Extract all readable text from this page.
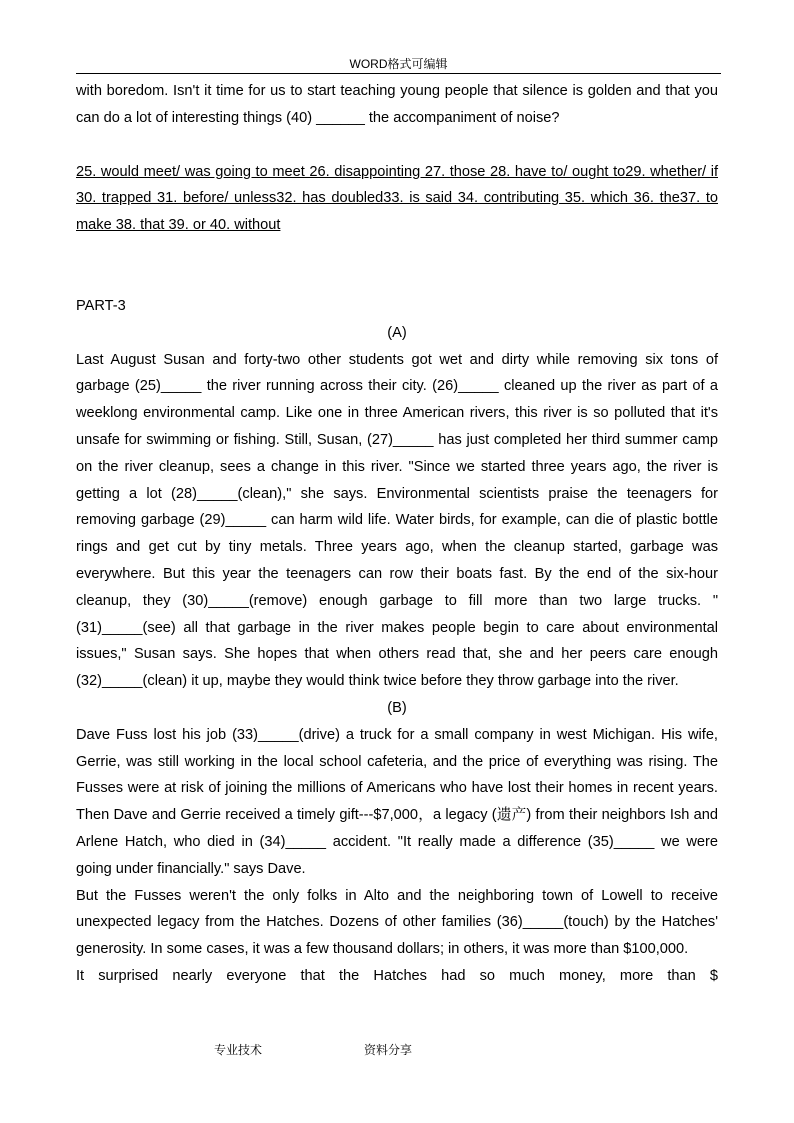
WORD格式可编辑

with boredom. Isn't it time for us to start teaching young people that silence is golden and that you can do a lot of interesting things (40) ______ the accompaniment of noise?

25. would meet/ was going to meet 26. disappointing 27. those 28. have to/ ought to29. whether/ if 30. trapped 31. before/ unless32. has doubled33. is said 34. contributing 35. which 36. the37. to make 38. that 39. or 40. without

PART-3

(A)

Last August Susan and forty-two other students got wet and dirty while removing six tons of garbage (25)_____ the river running across their city. (26)_____ cleaned up the river as part of a weeklong environmental camp. Like one in three American rivers, this river is so polluted that it's unsafe for swimming or fishing. Still, Susan, (27)_____ has just completed her third summer camp on the river cleanup, sees a change in this river. "Since we started three years ago, the river is getting a lot (28)_____(clean)," she says. Environmental scientists praise the teenagers for removing garbage (29)_____ can harm wild life. Water birds, for example, can die of plastic bottle rings and get cut by tiny metals. Three years ago, when the cleanup started, garbage was everywhere. But this year the teenagers can row their boats fast. By the end of the six-hour cleanup, they (30)_____(remove) enough garbage to fill more than two large trucks. "(31)_____(see) all that garbage in the river makes people begin to care about environmental issues," Susan says. She hopes that when others read that, she and her peers care enough (32)_____(clean) it up, maybe they would think twice before they throw garbage into the river.

(B)

Dave Fuss lost his job (33)_____(drive) a truck for a small company in west Michigan. His wife, Gerrie, was still working in the local school cafeteria, and the price of everything was rising. The Fusses were at risk of joining the millions of Americans who have lost their homes in recent years. Then Dave and Gerrie received a timely gift---$7,000，a legacy (遗产) from their neighbors Ish and Arlene Hatch, who died in (34)_____ accident. "It really made a difference (35)_____ we were going under financially." says Dave.

But the Fusses weren't the only folks in Alto and the neighboring town of Lowell to receive unexpected legacy from the Hatches. Dozens of other families (36)_____(touch) by the Hatches' generosity. In some cases, it was a few thousand dollars; in others, it was more than $100,000.

It surprised nearly everyone that the Hatches had so much money, more than $

专业技术	资料分享
